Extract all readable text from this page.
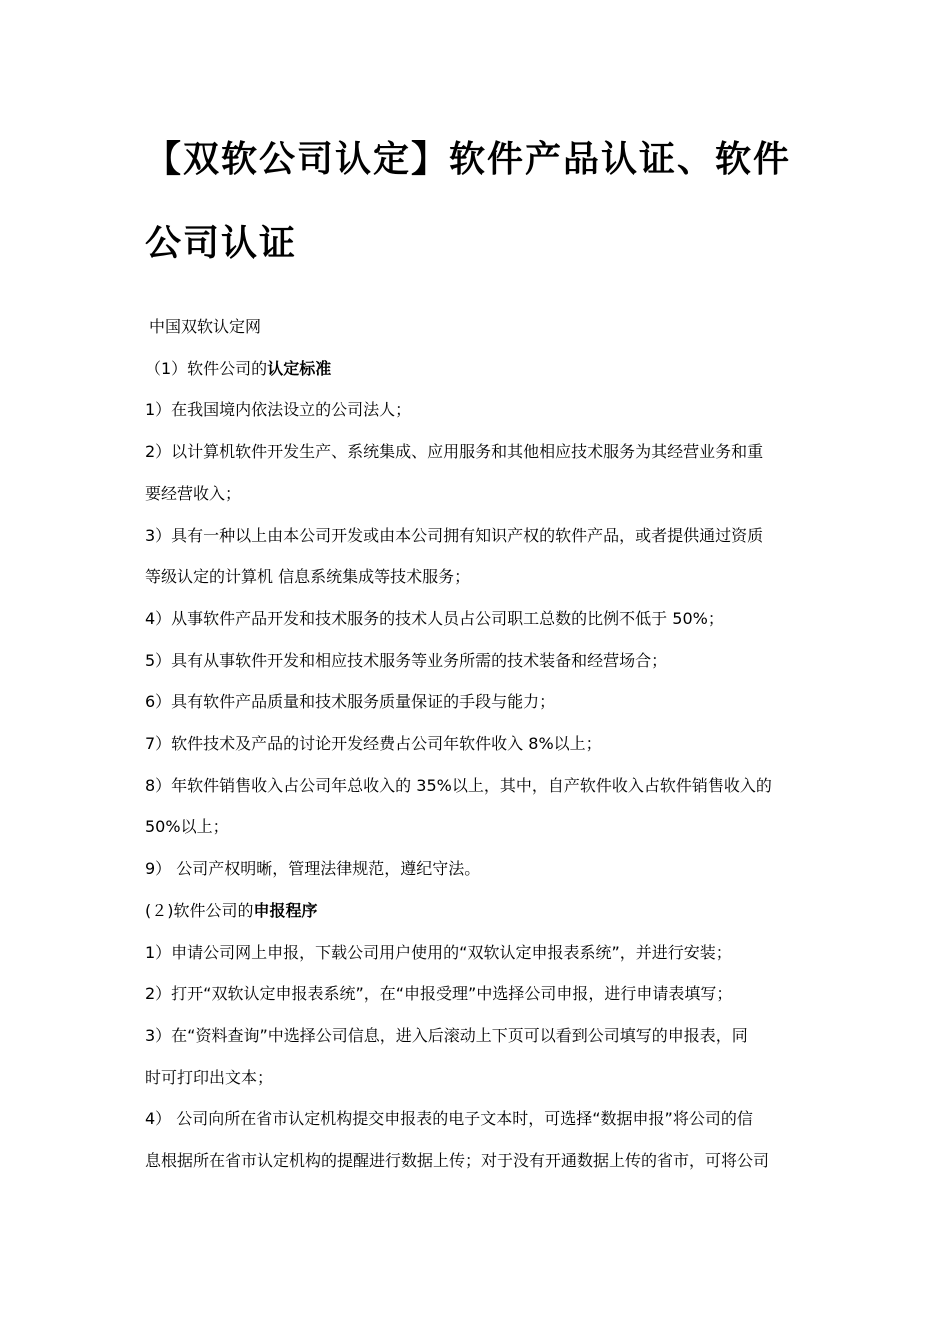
【双软公司认定】软件产品认证、软件公司认证

中国双软认定网

（1）软件公司的认定标准

1）在我国境内依法设立的公司法人；

2）以计算机软件开发生产、系统集成、应用服务和其他相应技术服务为其经营业务和重

要经营收入；

3）具有一种以上由本公司开发或由本公司拥有知识产权的软件产品，或者提供通过资质

等级认定的计算机 信息系统集成等技术服务；

4）从事软件产品开发和技术服务的技术人员占公司职工总数的比例不低于 50%；

5）具有从事软件开发和相应技术服务等业务所需的技术装备和经营场合；

6）具有软件产品质量和技术服务质量保证的手段与能力；

7）软件技术及产品的讨论开发经费占公司年软件收入 8%以上；

8）年软件销售收入占公司年总收入的 35%以上，其中，自产软件收入占软件销售收入的

50%以上；

9） 公司产权明晰，管理法律规范，遵纪守法。

(２)软件公司的申报程序

1）申请公司网上申报，下载公司用户使用的“双软认定申报表系统”，并进行安装；

2）打开“双软认定申报表系统”，在“申报受理”中选择公司申报，进行申请表填写；

3）在“资料查询”中选择公司信息，进入后滚动上下页可以看到公司填写的申报表，同

时可打印出文本；

4） 公司向所在省市认定机构提交申报表的电子文本时，可选择“数据申报”将公司的信

息根据所在省市认定机构的提醒进行数据上传；对于没有开通数据上传的省市，可将公司
